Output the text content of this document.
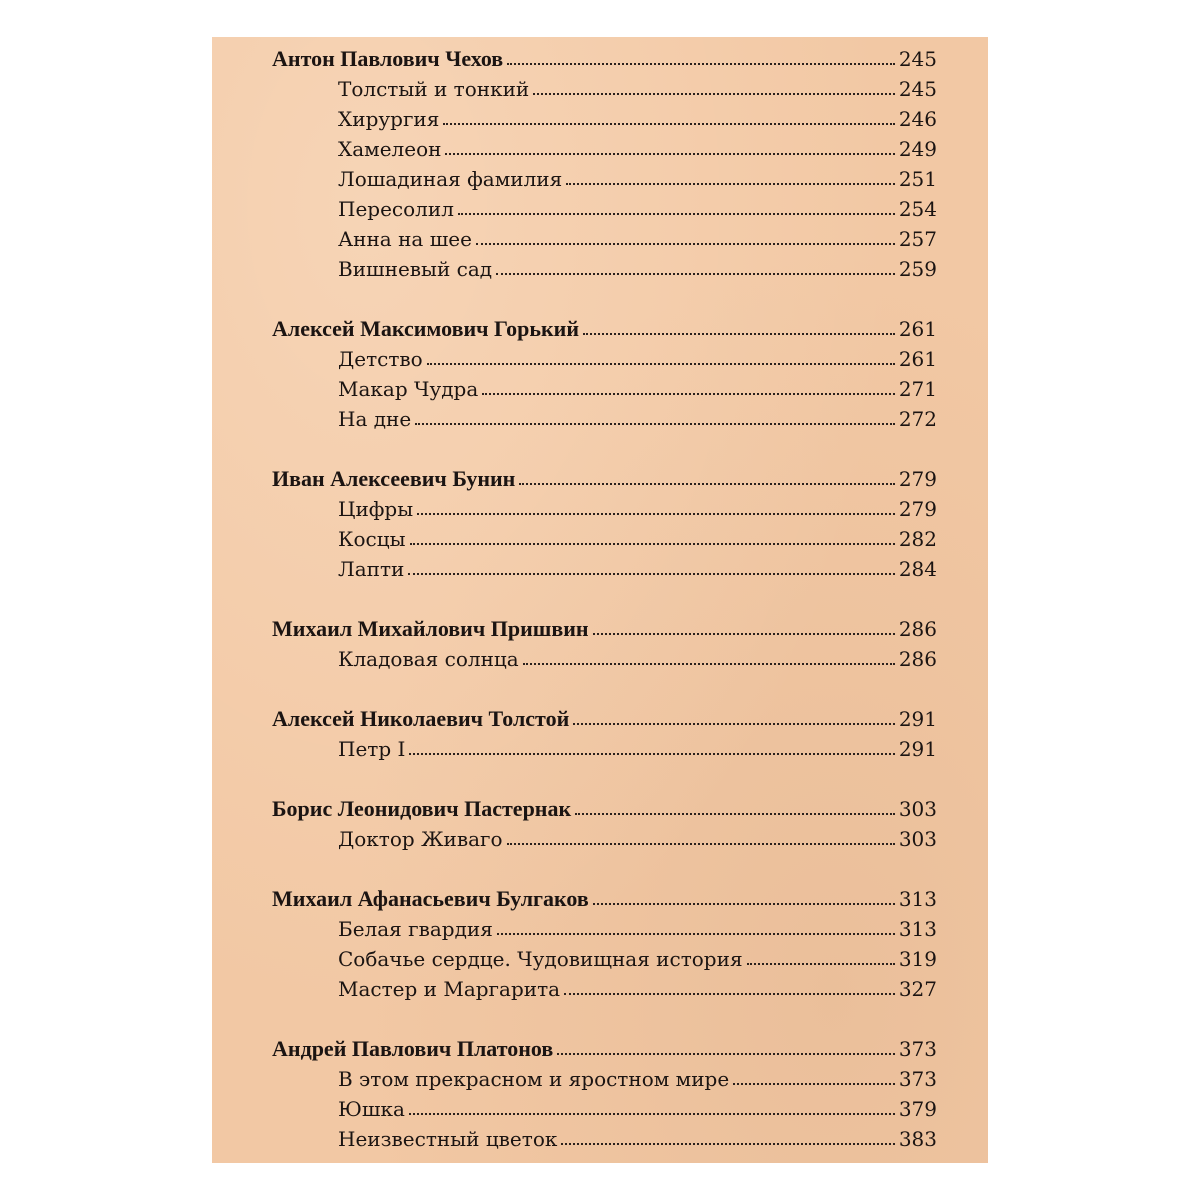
Антон Павлович Чехов	245
Толстый и тонкий	245
Хирургия	246
Хамелеон	249
Лошадиная фамилия	251
Пересолил	254
Анна на шее	257
Вишневый сад	259
Алексей Максимович Горький	261
Детство	261
Макар Чудра	271
На дне	272
Иван Алексеевич Бунин	279
Цифры	279
Косцы	282
Лапти	284
Михаил Михайлович Пришвин	286
Кладовая солнца	286
Алексей Николаевич Толстой	291
Петр I	291
Борис Леонидович Пастернак	303
Доктор Живаго	303
Михаил Афанасьевич Булгаков	313
Белая гвардия	313
Собачье сердце. Чудовищная история	319
Мастер и Маргарита	327
Андрей Павлович Платонов	373
В этом прекрасном и яростном мире	373
Юшка	379
Неизвестный цветок	383
